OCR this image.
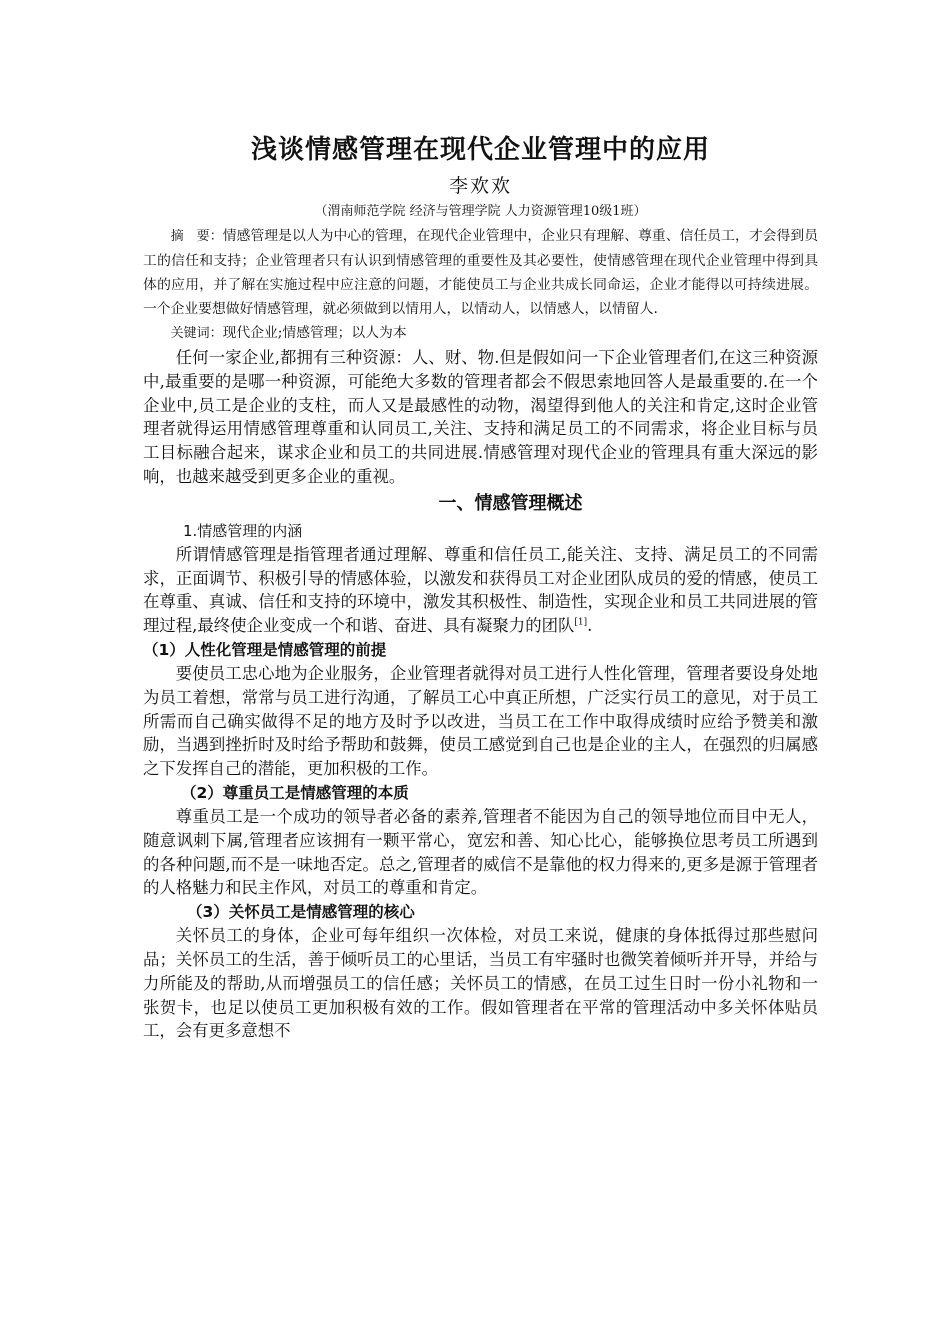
浅谈情感管理在现代企业管理中的应用
李欢欢
（渭南师范学院 经济与管理学院 人力资源管理10级1班）
摘　要：情感管理是以人为中心的管理，在现代企业管理中，企业只有理解、尊重、信任员工，才会得到员工的信任和支持；企业管理者只有认识到情感管理的重要性及其必要性，使情感管理在现代企业管理中得到具体的应用，并了解在实施过程中应注意的问题，才能使员工与企业共成长同命运，企业才能得以可持续进展。一个企业要想做好情感管理，就必须做到以情用人，以情动人，以情感人，以情留人.
关键词：现代企业;情感管理；以人为本

任何一家企业,都拥有三种资源：人、财、物.但是假如问一下企业管理者们,在这三种资源中,最重要的是哪一种资源，可能绝大多数的管理者都会不假思索地回答人是最重要的.在一个企业中,员工是企业的支柱，而人又是最感性的动物，渴望得到他人的关注和肯定,这时企业管理者就得运用情感管理尊重和认同员工,关注、支持和满足员工的不同需求，将企业目标与员工目标融合起来，谋求企业和员工的共同进展.情感管理对现代企业的管理具有重大深远的影响，也越来越受到更多企业的重视。

一、情感管理概述
1.情感管理的内涵

所谓情感管理是指管理者通过理解、尊重和信任员工,能关注、支持、满足员工的不同需求，正面调节、积极引导的情感体验，以激发和获得员工对企业团队成员的爱的情感，使员工在尊重、真诚、信任和支持的环境中，激发其积极性、制造性，实现企业和员工共同进展的管理过程,最终使企业变成一个和谐、奋进、具有凝聚力的团队[1].

（1）人性化管理是情感管理的前提

要使员工忠心地为企业服务，企业管理者就得对员工进行人性化管理，管理者要设身处地为员工着想，常常与员工进行沟通，了解员工心中真正所想，广泛实行员工的意见，对于员工所需而自己确实做得不足的地方及时予以改进，当员工在工作中取得成绩时应给予赞美和激励，当遇到挫折时及时给予帮助和鼓舞，使员工感觉到自己也是企业的主人，在强烈的归属感之下发挥自己的潜能，更加积极的工作。

（2）尊重员工是情感管理的本质

尊重员工是一个成功的领导者必备的素养,管理者不能因为自己的领导地位而目中无人，随意讽刺下属,管理者应该拥有一颗平常心，宽宏和善、知心比心，能够换位思考员工所遇到的各种问题,而不是一味地否定。总之,管理者的威信不是靠他的权力得来的,更多是源于管理者的人格魅力和民主作风，对员工的尊重和肯定。

（3）关怀员工是情感管理的核心

关怀员工的身体，企业可每年组织一次体检，对员工来说，健康的身体抵得过那些慰问品；关怀员工的生活，善于倾听员工的心里话，当员工有牢骚时也微笑着倾听并开导，并给与力所能及的帮助,从而增强员工的信任感；关怀员工的情感，在员工过生日时一份小礼物和一张贺卡，也足以使员工更加积极有效的工作。假如管理者在平常的管理活动中多关怀体贴员工，会有更多意想不
